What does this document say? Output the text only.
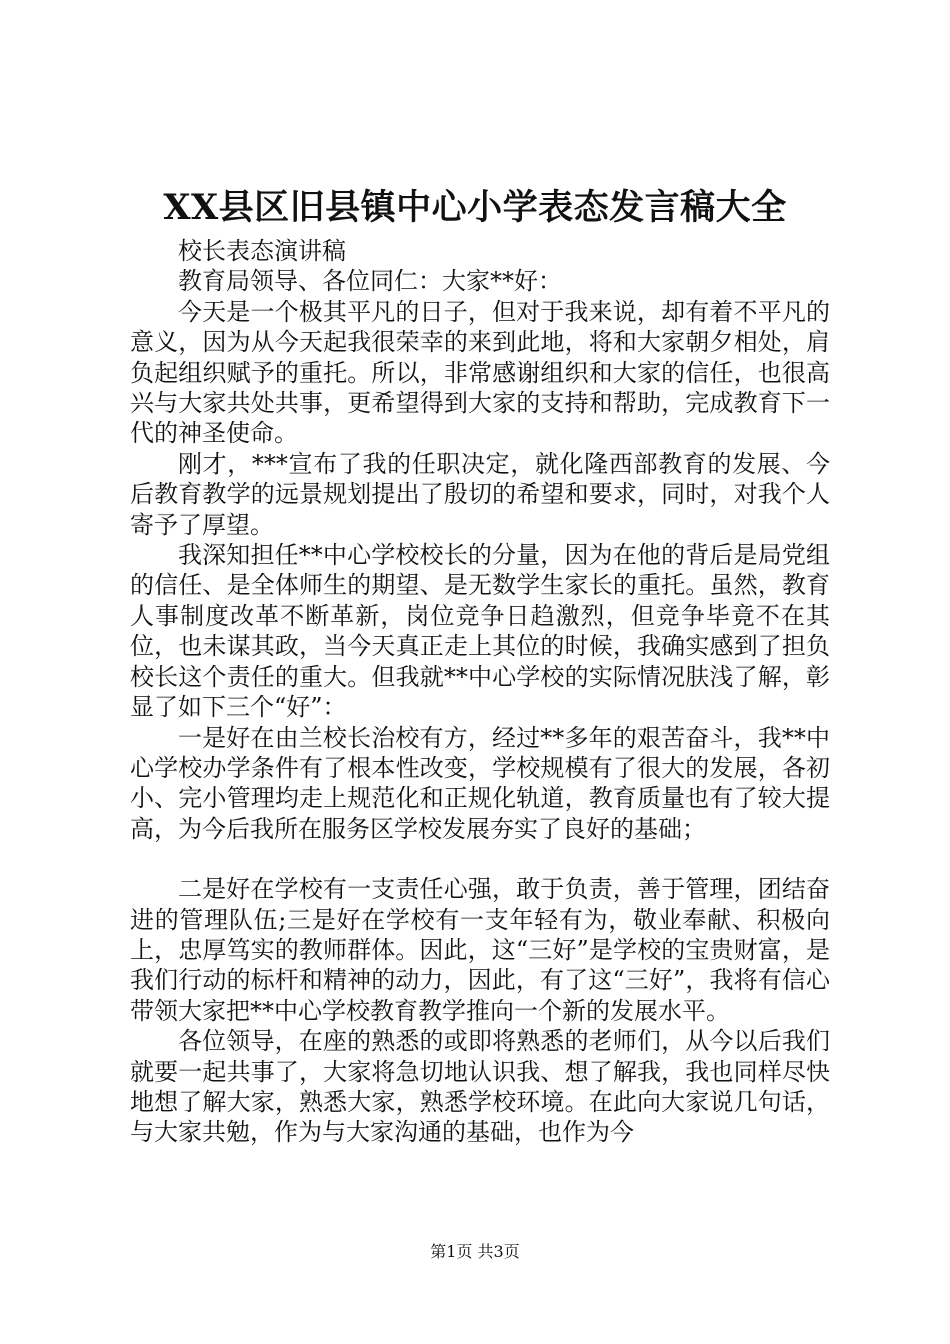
XX县区旧县镇中心小学表态发言稿大全

校长表态演讲稿

教育局领导、各位同仁：大家**好：

今天是一个极其平凡的日子，但对于我来说，却有着不平凡的意义，因为从今天起我很荣幸的来到此地，将和大家朝夕相处，肩负起组织赋予的重托。所以，非常感谢组织和大家的信任，也很高兴与大家共处共事，更希望得到大家的支持和帮助，完成教育下一代的神圣使命。

刚才，***宣布了我的任职决定，就化隆西部教育的发展、今后教育教学的远景规划提出了殷切的希望和要求，同时，对我个人寄予了厚望。

我深知担任**中心学校校长的分量，因为在他的背后是局党组的信任、是全体师生的期望、是无数学生家长的重托。虽然，教育人事制度改革不断革新，岗位竞争日趋激烈，但竞争毕竟不在其位，也未谋其政，当今天真正走上其位的时候，我确实感到了担负校长这个责任的重大。但我就**中心学校的实际情况肤浅了解，彰显了如下三个“好”：

一是好在由兰校长治校有方，经过**多年的艰苦奋斗，我**中心学校办学条件有了根本性改变，学校规模有了很大的发展，各初小、完小管理均走上规范化和正规化轨道，教育质量也有了较大提高，为今后我所在服务区学校发展夯实了良好的基础；

二是好在学校有一支责任心强，敢于负责，善于管理，团结奋进的管理队伍;三是好在学校有一支年轻有为，敬业奉献、积极向上，忠厚笃实的教师群体。因此，这“三好”是学校的宝贵财富，是我们行动的标杆和精神的动力，因此，有了这“三好”，我将有信心带领大家把**中心学校教育教学推向一个新的发展水平。

各位领导，在座的熟悉的或即将熟悉的老师们，从今以后我们就要一起共事了，大家将急切地认识我、想了解我，我也同样尽快地想了解大家，熟悉大家，熟悉学校环境。在此向大家说几句话，与大家共勉，作为与大家沟通的基础，也作为今

第1页 共3页
